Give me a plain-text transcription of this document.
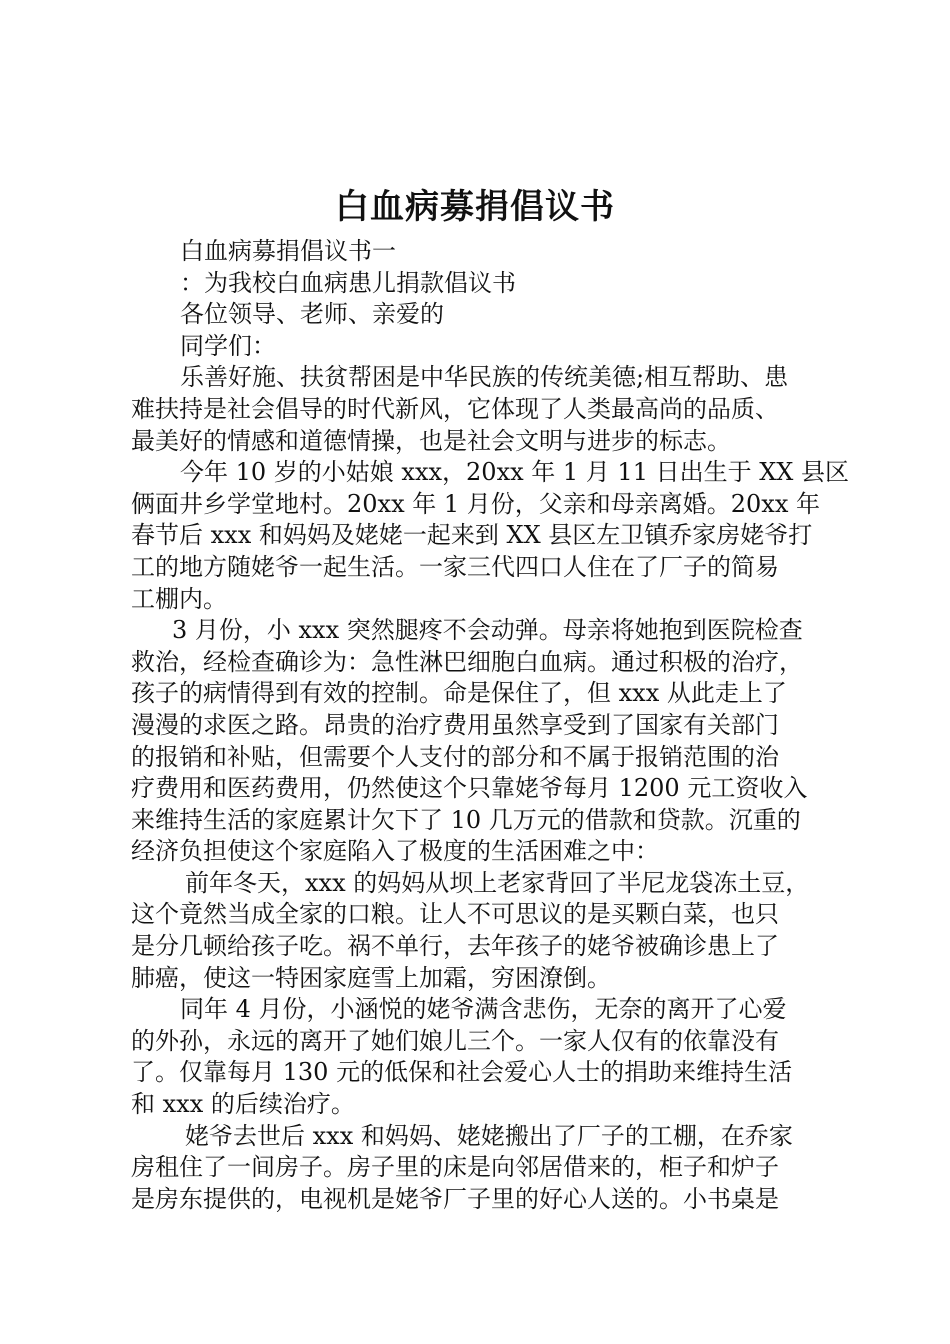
白血病募捐倡议书

白血病募捐倡议书一

：为我校白血病患儿捐款倡议书

各位领导、老师、亲爱的

同学们：

乐善好施、扶贫帮困是中华民族的传统美德;相互帮助、患

难扶持是社会倡导的时代新风，它体现了人类最高尚的品质、

最美好的情感和道德情操，也是社会文明与进步的标志。

今年 10 岁的小姑娘 xxx，20xx 年 1 月 11 日出生于 XX 县区

俩面井乡学堂地村。20xx 年 1 月份，父亲和母亲离婚。20xx 年

春节后 xxx 和妈妈及姥姥一起来到 XX 县区左卫镇乔家房姥爷打

工的地方随姥爷一起生活。一家三代四口人住在了厂子的简易

工棚内。

3 月份，小 xxx 突然腿疼不会动弹。母亲将她抱到医院检查

救治，经检查确诊为：急性淋巴细胞白血病。通过积极的治疗，

孩子的病情得到有效的控制。命是保住了，但 xxx 从此走上了

漫漫的求医之路。昂贵的治疗费用虽然享受到了国家有关部门

的报销和补贴，但需要个人支付的部分和不属于报销范围的治

疗费用和医药费用，仍然使这个只靠姥爷每月 1200 元工资收入

来维持生活的家庭累计欠下了 10 几万元的借款和贷款。沉重的

经济负担使这个家庭陷入了极度的生活困难之中：

前年冬天，xxx 的妈妈从坝上老家背回了半尼龙袋冻土豆，

这个竟然当成全家的口粮。让人不可思议的是买颗白菜，也只

是分几顿给孩子吃。祸不单行，去年孩子的姥爷被确诊患上了

肺癌，使这一特困家庭雪上加霜，穷困潦倒。

同年 4 月份，小涵悦的姥爷满含悲伤，无奈的离开了心爱

的外孙，永远的离开了她们娘儿三个。一家人仅有的依靠没有

了。仅靠每月 130 元的低保和社会爱心人士的捐助来维持生活

和 xxx 的后续治疗。

姥爷去世后 xxx 和妈妈、姥姥搬出了厂子的工棚，在乔家

房租住了一间房子。房子里的床是向邻居借来的，柜子和炉子

是房东提供的，电视机是姥爷厂子里的好心人送的。小书桌是
